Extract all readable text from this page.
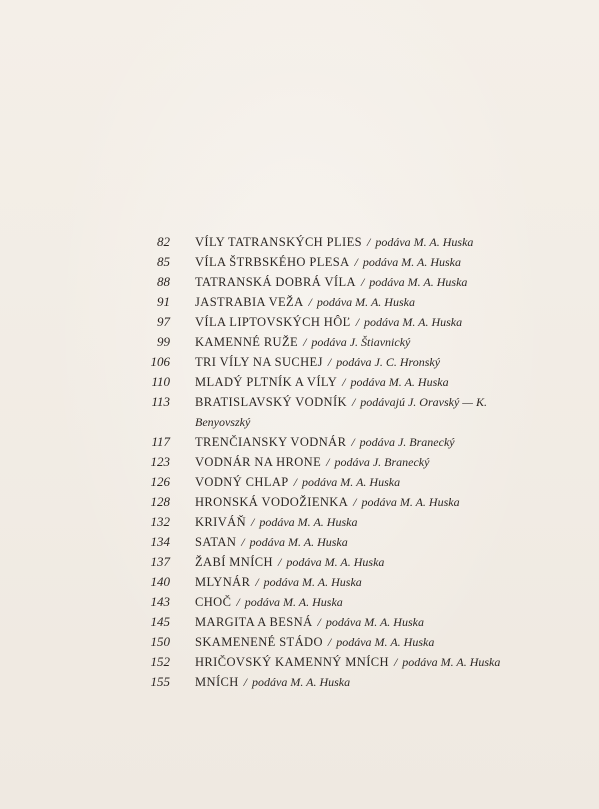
82 VÍLY TATRANSKÝCH PLIES / podáva M. A. Huska
85 VÍLA ŠTRBSKÉHO PLESA / podáva M. A. Huska
88 TATRANSKÁ DOBRÁ VÍLA / podáva M. A. Huska
91 JASTRABIA VEŽA / podáva M. A. Huska
97 VÍLA LIPTOVSKÝCH HÔĽ / podáva M. A. Huska
99 KAMENNÉ RUŽE / podáva J. Štiavnický
106 TRI VÍLY NA SUCHEJ / podáva J. C. Hronský
110 MLADÝ PLTNÍK A VÍLY / podáva M. A. Huska
113 BRATISLAVSKÝ VODNÍK / podávajú J. Oravský — K. Benyovszký
117 TRENČIANSKY VODNÁR / podáva J. Branecký
123 VODNÁR NA HRONE / podáva J. Branecký
126 VODNÝ CHLAP / podáva M. A. Huska
128 HRONSKÁ VODOŽIENKA / podáva M. A. Huska
132 KRIVÁŇ / podáva M. A. Huska
134 SATAN / podáva M. A. Huska
137 ŽABÍ MNÍCH / podáva M. A. Huska
140 MLYNÁR / podáva M. A. Huska
143 CHOČ / podáva M. A. Huska
145 MARGITA A BESNÁ / podáva M. A. Huska
150 SKAMENENÉ STÁDO / podáva M. A. Huska
152 HRIČOVSKÝ KAMENNÝ MNÍCH / podáva M. A. Huska
155 MNÍCH / podáva M. A. Huska
